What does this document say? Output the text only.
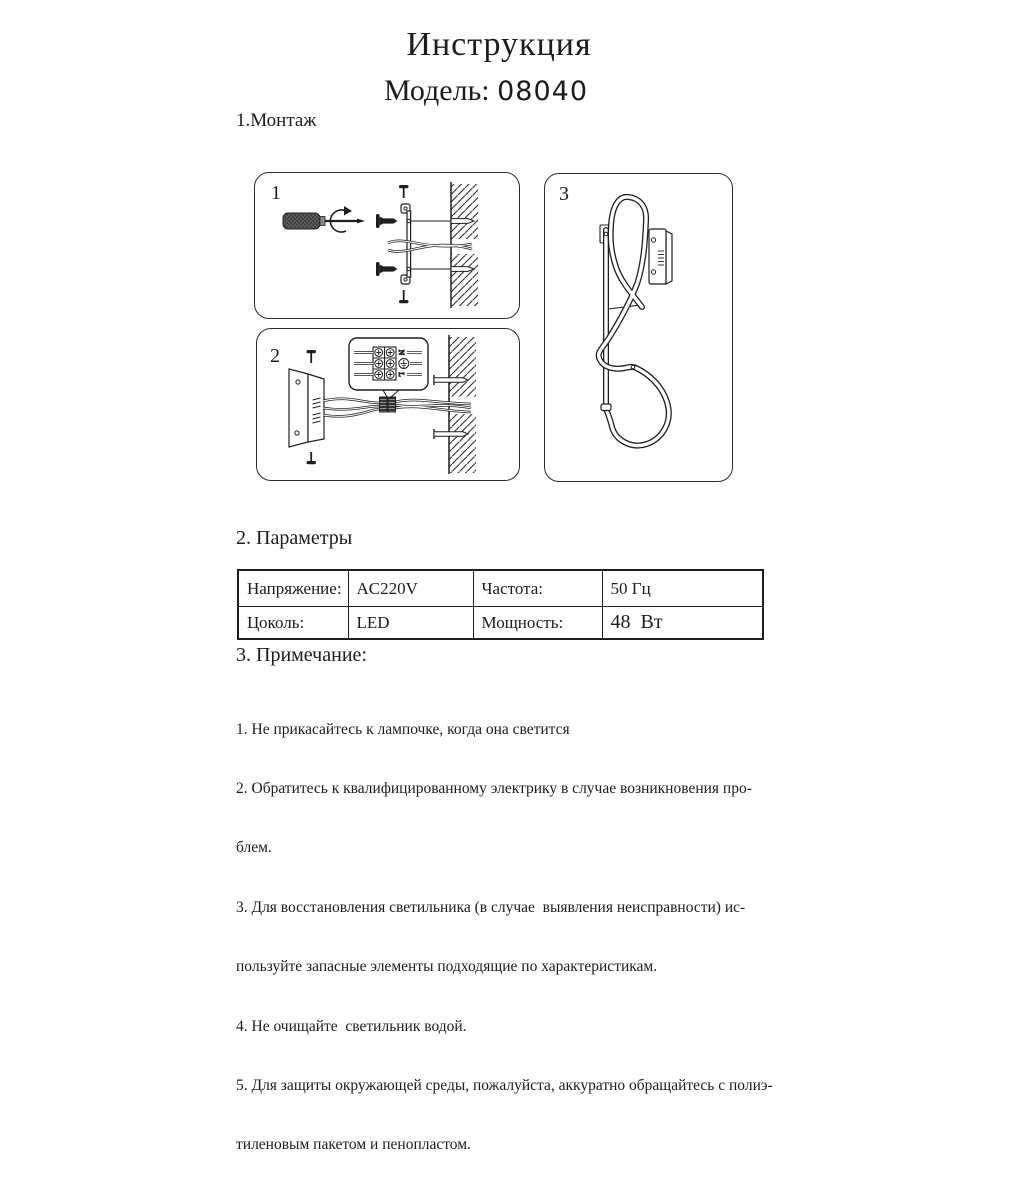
Инструкция
Модель: 08040
1.Монтаж
1
2	N
L
3
2. Параметры
Напряжение:	AC220V	Частота:	50 Гц
Цоколь:	LED	Мощность:	48  Вт
3. Примечание:

1. Не прикасайтесь к лампочке, когда она светится

2. Обратитесь к квалифицированному электрику в случае возникновения про-

блем.

3. Для восстановления светильника (в случае  выявления неисправности) ис-

пользуйте запасные элементы подходящие по характеристикам.

4. Не очищайте  светильник водой.

5. Для защиты окружающей среды, пожалуйста, аккуратно обращайтесь с полиэ-

тиленовым пакетом и пенопластом.
